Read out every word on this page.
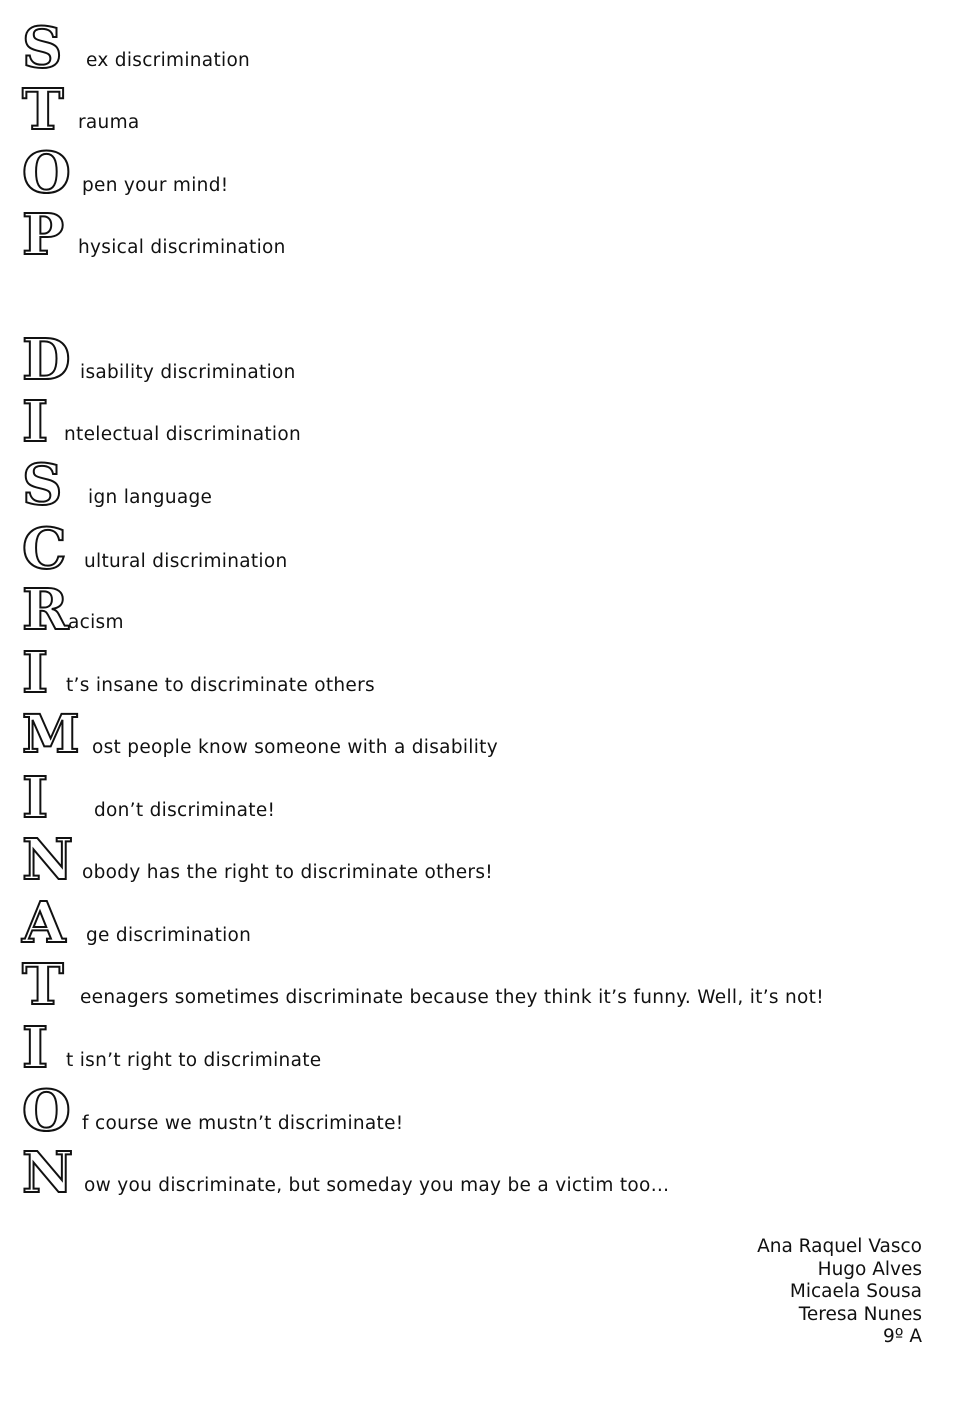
S ex discrimination
T rauma
O pen your mind!
P hysical discrimination
D isability discrimination
I ntelectual discrimination
S ign language
C ultural discrimination
R acism
I t’s insane to discriminate others
M ost people know someone with a disability
I	don’t discriminate!
N obody has the right to discriminate others!
A ge discrimination
T eenagers sometimes discriminate because they think it’s funny. Well, it’s not!
I t isn’t right to discriminate
O f course we mustn’t discriminate!
N ow you discriminate, but someday you may be a victim too…
Ana Raquel Vasco
Hugo Alves
Micaela Sousa
Teresa Nunes
9º A
